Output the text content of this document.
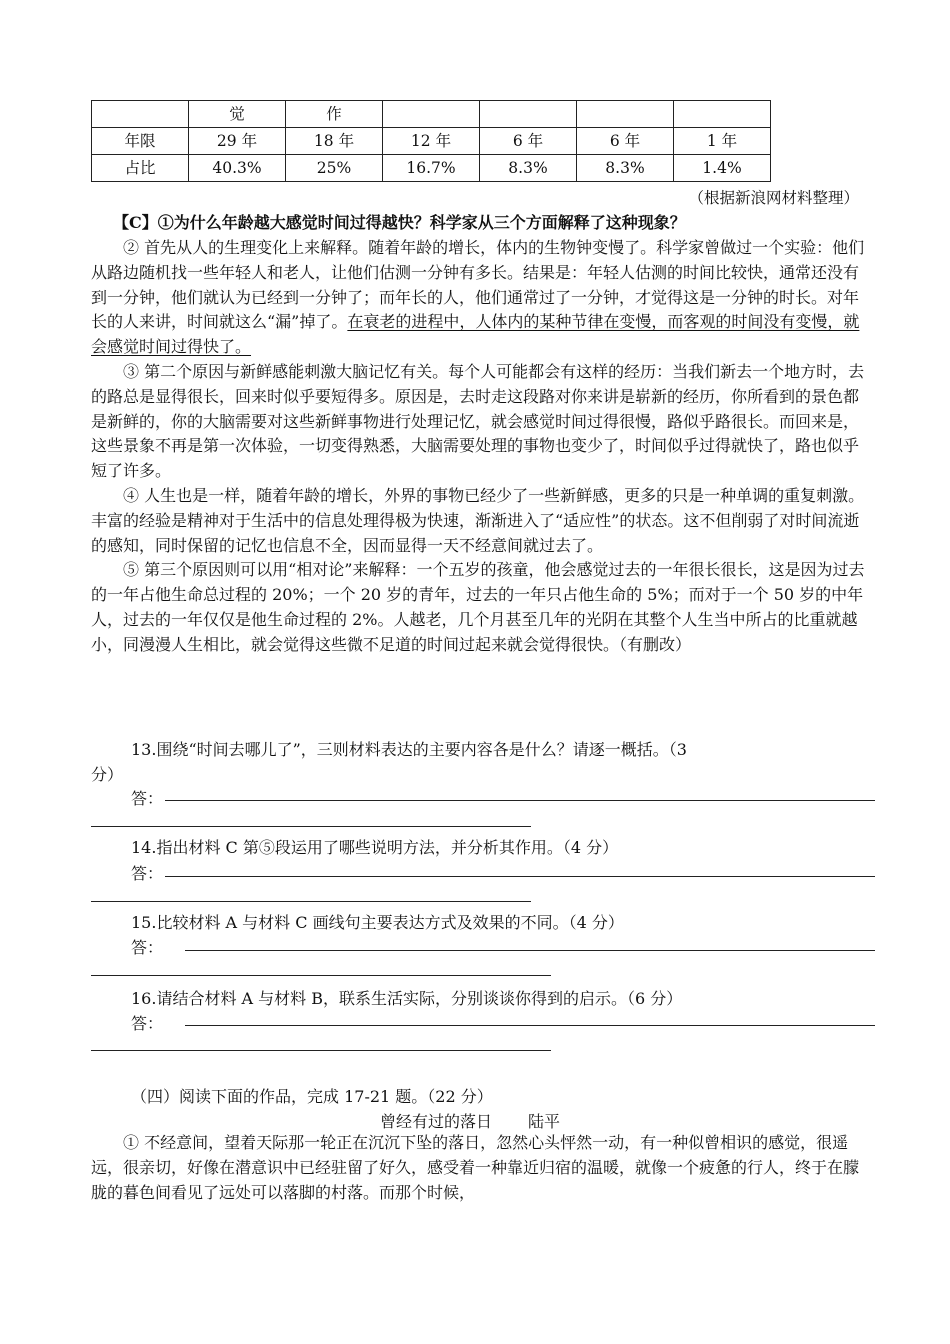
	觉	作				
年限	29 年	18 年	12 年	6 年	6 年	1 年
占比	40.3%	25%	16.7%	8.3%	8.3%	1.4%
（根据新浪网材料整理）
【C】①为什么年龄越大感觉时间过得越快？科学家从三个方面解释了这种现象？

② 首先从人的生理变化上来解释。随着年龄的增长，体内的生物钟变慢了。科学家曾做过一个实验：他们从路边随机找一些年轻人和老人，让他们估测一分钟有多长。结果是：年轻人估测的时间比较快，通常还没有到一分钟，他们就认为已经到一分钟了；而年长的人，他们通常过了一分钟，才觉得这是一分钟的时长。对年长的人来讲，时间就这么“漏”掉了。在衰老的进程中，人体内的某种节律在变慢，而客观的时间没有变慢，就会感觉时间过得快了。

③ 第二个原因与新鲜感能刺激大脑记忆有关。每个人可能都会有这样的经历：当我们新去一个地方时，去的路总是显得很长，回来时似乎要短得多。原因是，去时走这段路对你来讲是崭新的经历，你所看到的景色都是新鲜的，你的大脑需要对这些新鲜事物进行处理记忆，就会感觉时间过得很慢，路似乎路很长。而回来是，这些景象不再是第一次体验，一切变得熟悉，大脑需要处理的事物也变少了，时间似乎过得就快了，路也似乎短了许多。

④ 人生也是一样，随着年龄的增长，外界的事物已经少了一些新鲜感，更多的只是一种单调的重复刺激。丰富的经验是精神对于生活中的信息处理得极为快速，渐渐进入了“适应性”的状态。这不但削弱了对时间流逝的感知，同时保留的记忆也信息不全，因而显得一天不经意间就过去了。

⑤ 第三个原因则可以用“相对论”来解释：一个五岁的孩童，他会感觉过去的一年很长很长，这是因为过去的一年占他生命总过程的 20%；一个 20 岁的青年，过去的一年只占他生命的 5%；而对于一个 50 岁的中年人，过去的一年仅仅是他生命过程的 2%。人越老，几个月甚至几年的光阴在其整个人生当中所占的比重就越小，同漫漫人生相比，就会觉得这些微不足道的时间过起来就会觉得很快。（有删改）

13.围绕“时间去哪儿了”，三则材料表达的主要内容各是什么？请逐一概括。（3
分）
答：
14.指出材料 C 第⑤段运用了哪些说明方法，并分析其作用。（4 分）
答：
15.比较材料 A 与材料 C 画线句主要表达方式及效果的不同。（4 分）
答：
16.请结合材料 A 与材料 B，联系生活实际，分别谈谈你得到的启示。（6 分）
答：
（四）阅读下面的作品，完成 17-21 题。（22 分）
曾经有过的落日 陆平

① 不经意间，望着天际那一轮正在沉沉下坠的落日，忽然心头怦然一动，有一种似曾相识的感觉，很遥远，很亲切，好像在潜意识中已经驻留了好久，感受着一种靠近归宿的温暖，就像一个疲惫的行人，终于在朦胧的暮色间看见了远处可以落脚的村落。而那个时候，
